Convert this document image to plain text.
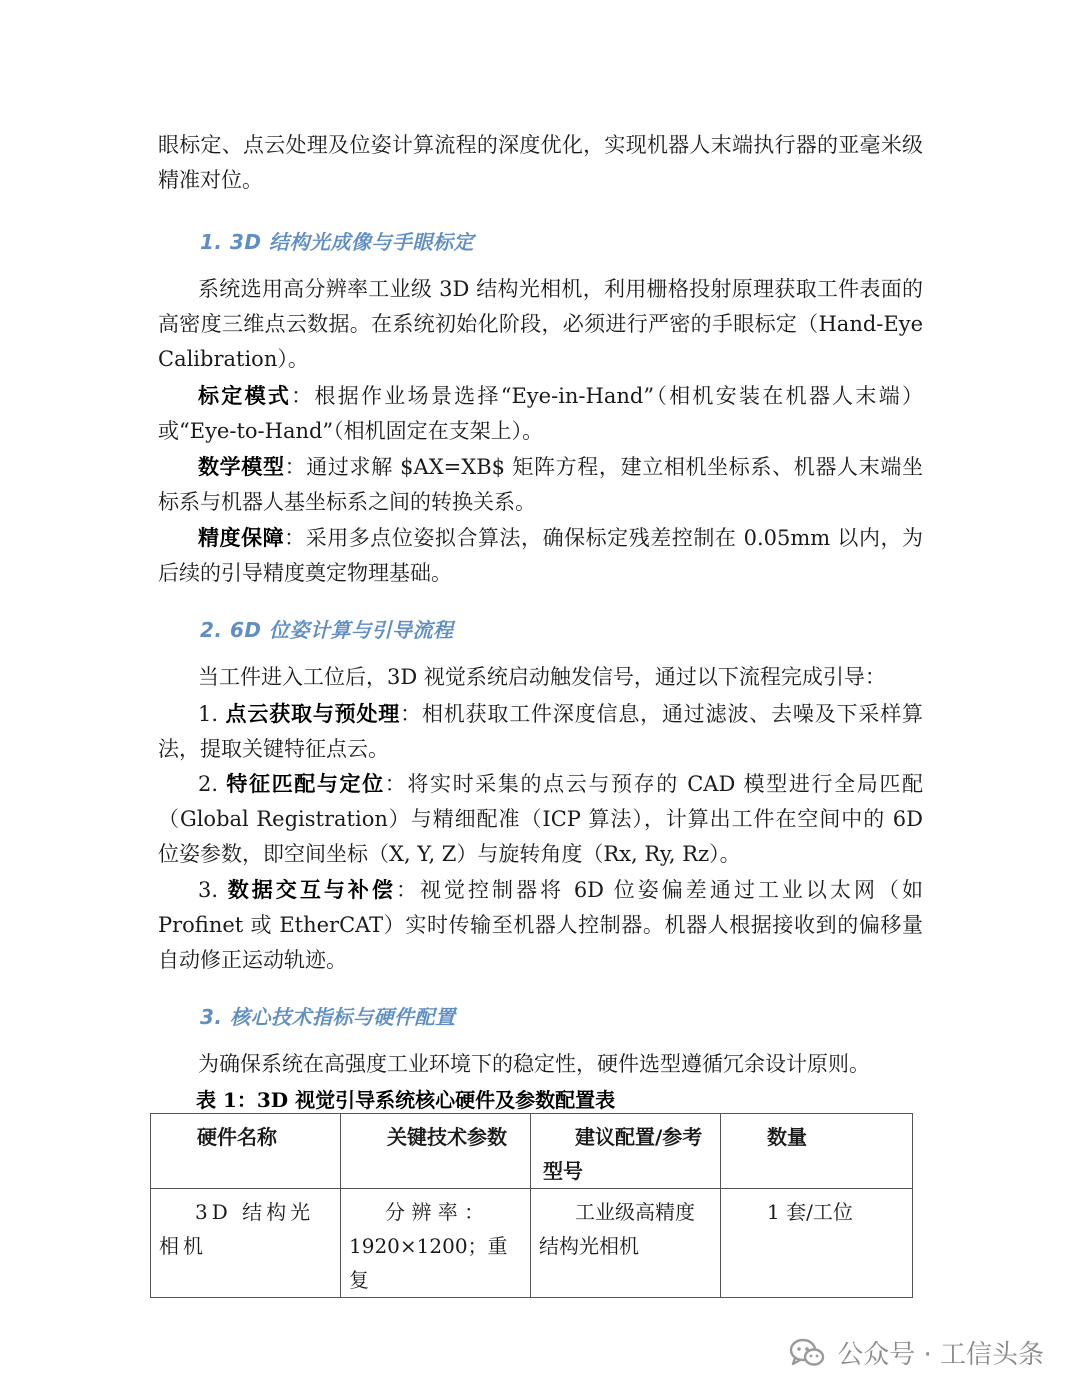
眼标定、点云处理及位姿计算流程的深度优化，实现机器人末端执行器的亚毫米级精准对位。

1. 3D 结构光成像与手眼标定

系统选用高分辨率工业级 3D 结构光相机，利用栅格投射原理获取工件表面的高密度三维点云数据。在系统初始化阶段，必须进行严密的手眼标定（Hand-Eye Calibration）。

标定模式：根据作业场景选择“Eye-in-Hand”（相机安装在机器人末端）或“Eye-to-Hand”（相机固定在支架上）。

数学模型：通过求解 $AX=XB$ 矩阵方程，建立相机坐标系、机器人末端坐标系与机器人基坐标系之间的转换关系。

精度保障：采用多点位姿拟合算法，确保标定残差控制在 0.05mm 以内，为后续的引导精度奠定物理基础。

2. 6D 位姿计算与引导流程

当工件进入工位后，3D 视觉系统启动触发信号，通过以下流程完成引导：

1. 点云获取与预处理：相机获取工件深度信息，通过滤波、去噪及下采样算法，提取关键特征点云。

2. 特征匹配与定位：将实时采集的点云与预存的 CAD 模型进行全局匹配（Global Registration）与精细配准（ICP 算法），计算出工件在空间中的 6D 位姿参数，即空间坐标（X, Y, Z）与旋转角度（Rx, Ry, Rz）。

3. 数据交互与补偿：视觉控制器将 6D 位姿偏差通过工业以太网（如 Profinet 或 EtherCAT）实时传输至机器人控制器。机器人根据接收到的偏移量自动修正运动轨迹。

3. 核心技术指标与硬件配置

为确保系统在高强度工业环境下的稳定性，硬件选型遵循冗余设计原则。

表 1：3D 视觉引导系统核心硬件及参数配置表

硬件名称	关键技术参数	建议配置/参考型号	数量
3D 结构光相机	分 辨 率 ：1920×1200；重复	工业级高精度结构光相机	1 套/工位
公众号 · 工信头条
